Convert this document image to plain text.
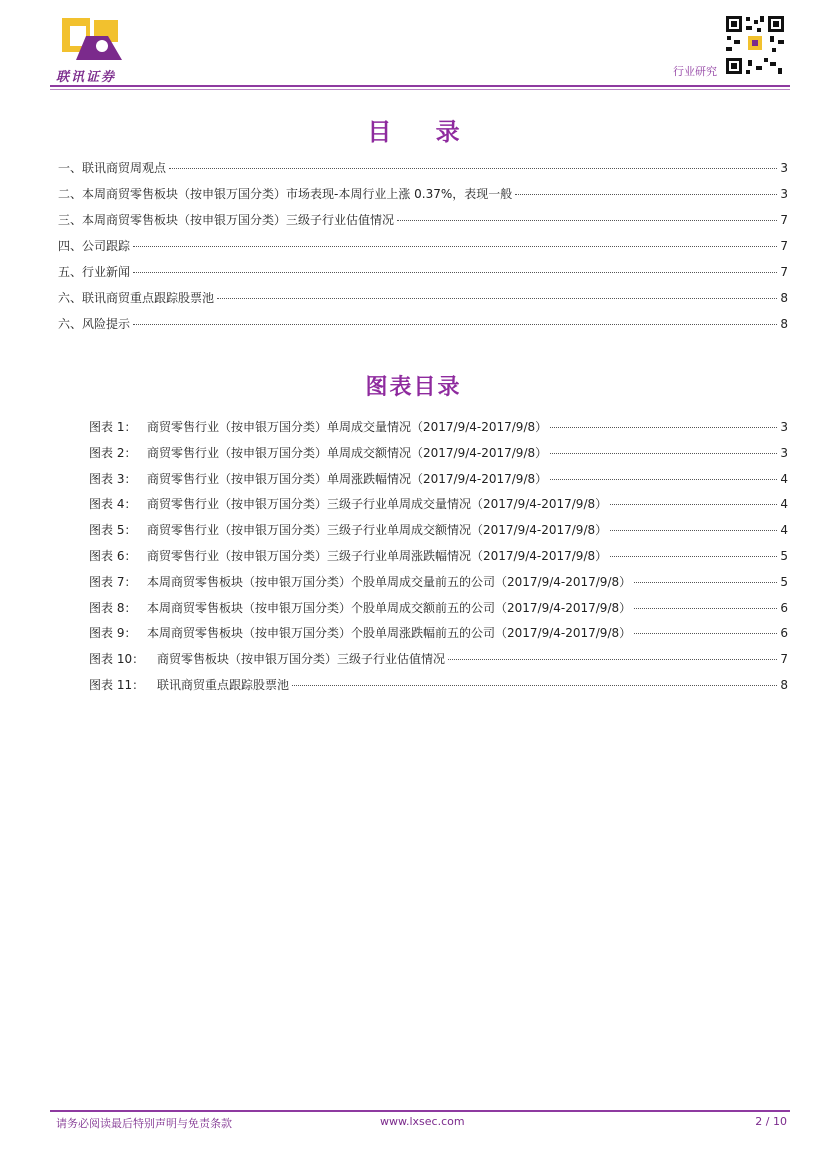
联讯证券	行业研究
目 录
一、联讯商贸周观点	3
二、本周商贸零售板块（按申银万国分类）市场表现-本周行业上涨 0.37%，表现一般	3
三、本周商贸零售板块（按申银万国分类）三级子行业估值情况	7
四、公司跟踪	7
五、行业新闻	7
六、联讯商贸重点跟踪股票池	8
六、风险提示	8
图表目录
图表 1： 商贸零售行业（按申银万国分类）单周成交量情况（2017/9/4-2017/9/8）	3
图表 2： 商贸零售行业（按申银万国分类）单周成交额情况（2017/9/4-2017/9/8）	3
图表 3： 商贸零售行业（按申银万国分类）单周涨跌幅情况（2017/9/4-2017/9/8）	4
图表 4： 商贸零售行业（按申银万国分类）三级子行业单周成交量情况（2017/9/4-2017/9/8）	4
图表 5： 商贸零售行业（按申银万国分类）三级子行业单周成交额情况（2017/9/4-2017/9/8）	4
图表 6： 商贸零售行业（按申银万国分类）三级子行业单周涨跌幅情况（2017/9/4-2017/9/8）	5
图表 7： 本周商贸零售板块（按申银万国分类）个股单周成交量前五的公司（2017/9/4-2017/9/8）	5
图表 8： 本周商贸零售板块（按申银万国分类）个股单周成交额前五的公司（2017/9/4-2017/9/8）	6
图表 9： 本周商贸零售板块（按申银万国分类）个股单周涨跌幅前五的公司（2017/9/4-2017/9/8）	6
图表 10：	商贸零售板块（按申银万国分类）三级子行业估值情况	7
图表 11：	联讯商贸重点跟踪股票池	8
请务必阅读最后特别声明与免责条款	www.lxsec.com	2 / 10
